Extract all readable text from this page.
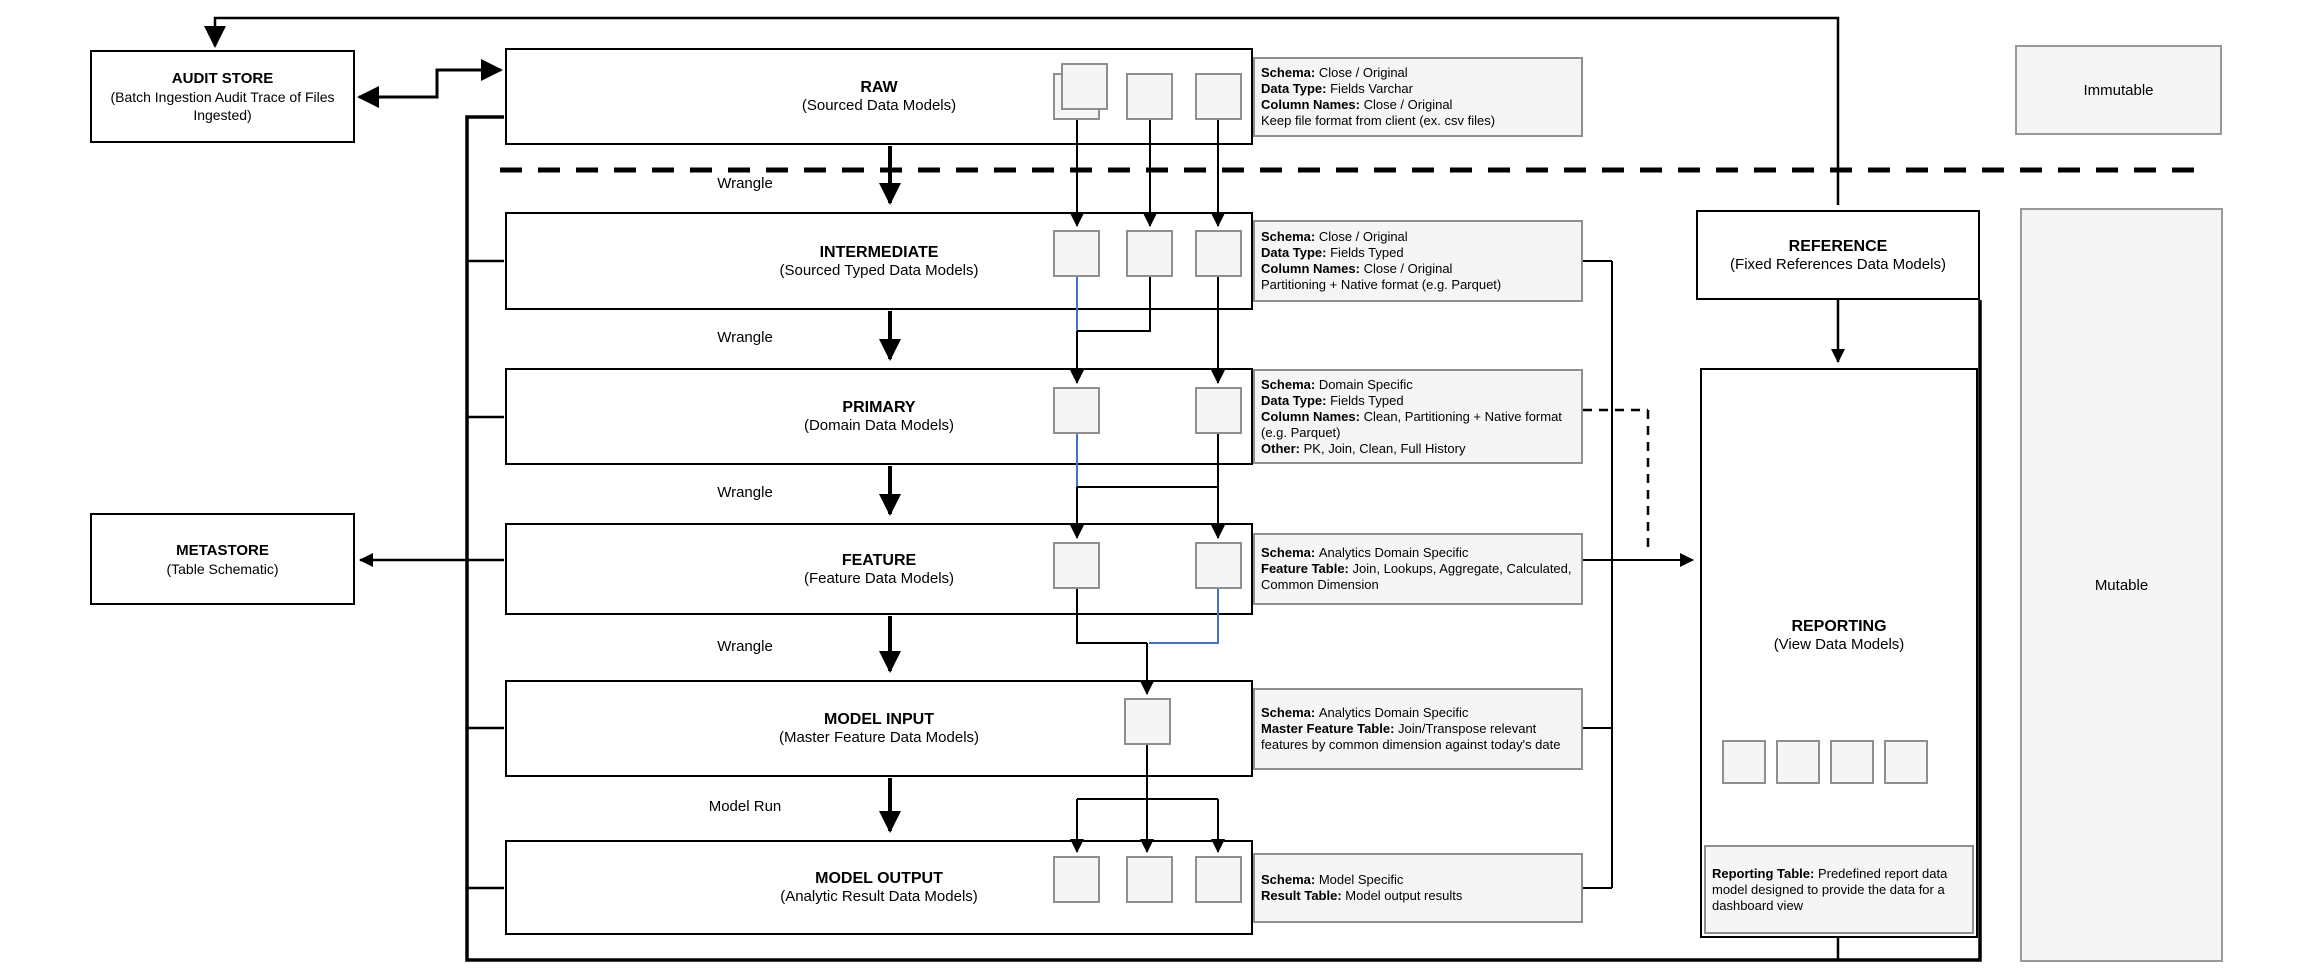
AUDIT STORE
(Batch Ingestion Audit Trace of Files Ingested)
METASTORE
(Table Schematic)
RAW
(Sourced Data Models)
INTERMEDIATE
(Sourced Typed Data Models)
PRIMARY
(Domain Data Models)
FEATURE
(Feature Data Models)
MODEL INPUT
(Master Feature Data Models)
MODEL OUTPUT
(Analytic Result Data Models)
Schema: Close / Original
Data Type: Fields Varchar
Column Names: Close / Original
Keep file format from client (ex. csv files)
Schema: Close / Original
Data Type: Fields Typed
Column Names: Close / Original
Partitioning + Native format (e.g. Parquet)
Schema: Domain Specific
Data Type: Fields Typed
Column Names: Clean, Partitioning + Native format (e.g. Parquet)
Other: PK, Join, Clean, Full History
Schema: Analytics Domain Specific
Feature Table: Join, Lookups, Aggregate, Calculated, Common Dimension
Schema: Analytics Domain Specific
Master Feature Table: Join/Transpose relevant features by common dimension against today's date
Schema: Model Specific
Result Table: Model output results
Wrangle
Wrangle
Wrangle
Wrangle
Model Run
REFERENCE
(Fixed References Data Models)
REPORTING
(View Data Models)
Reporting Table: Predefined report data model designed to provide the data for a dashboard view
Immutable
Mutable
